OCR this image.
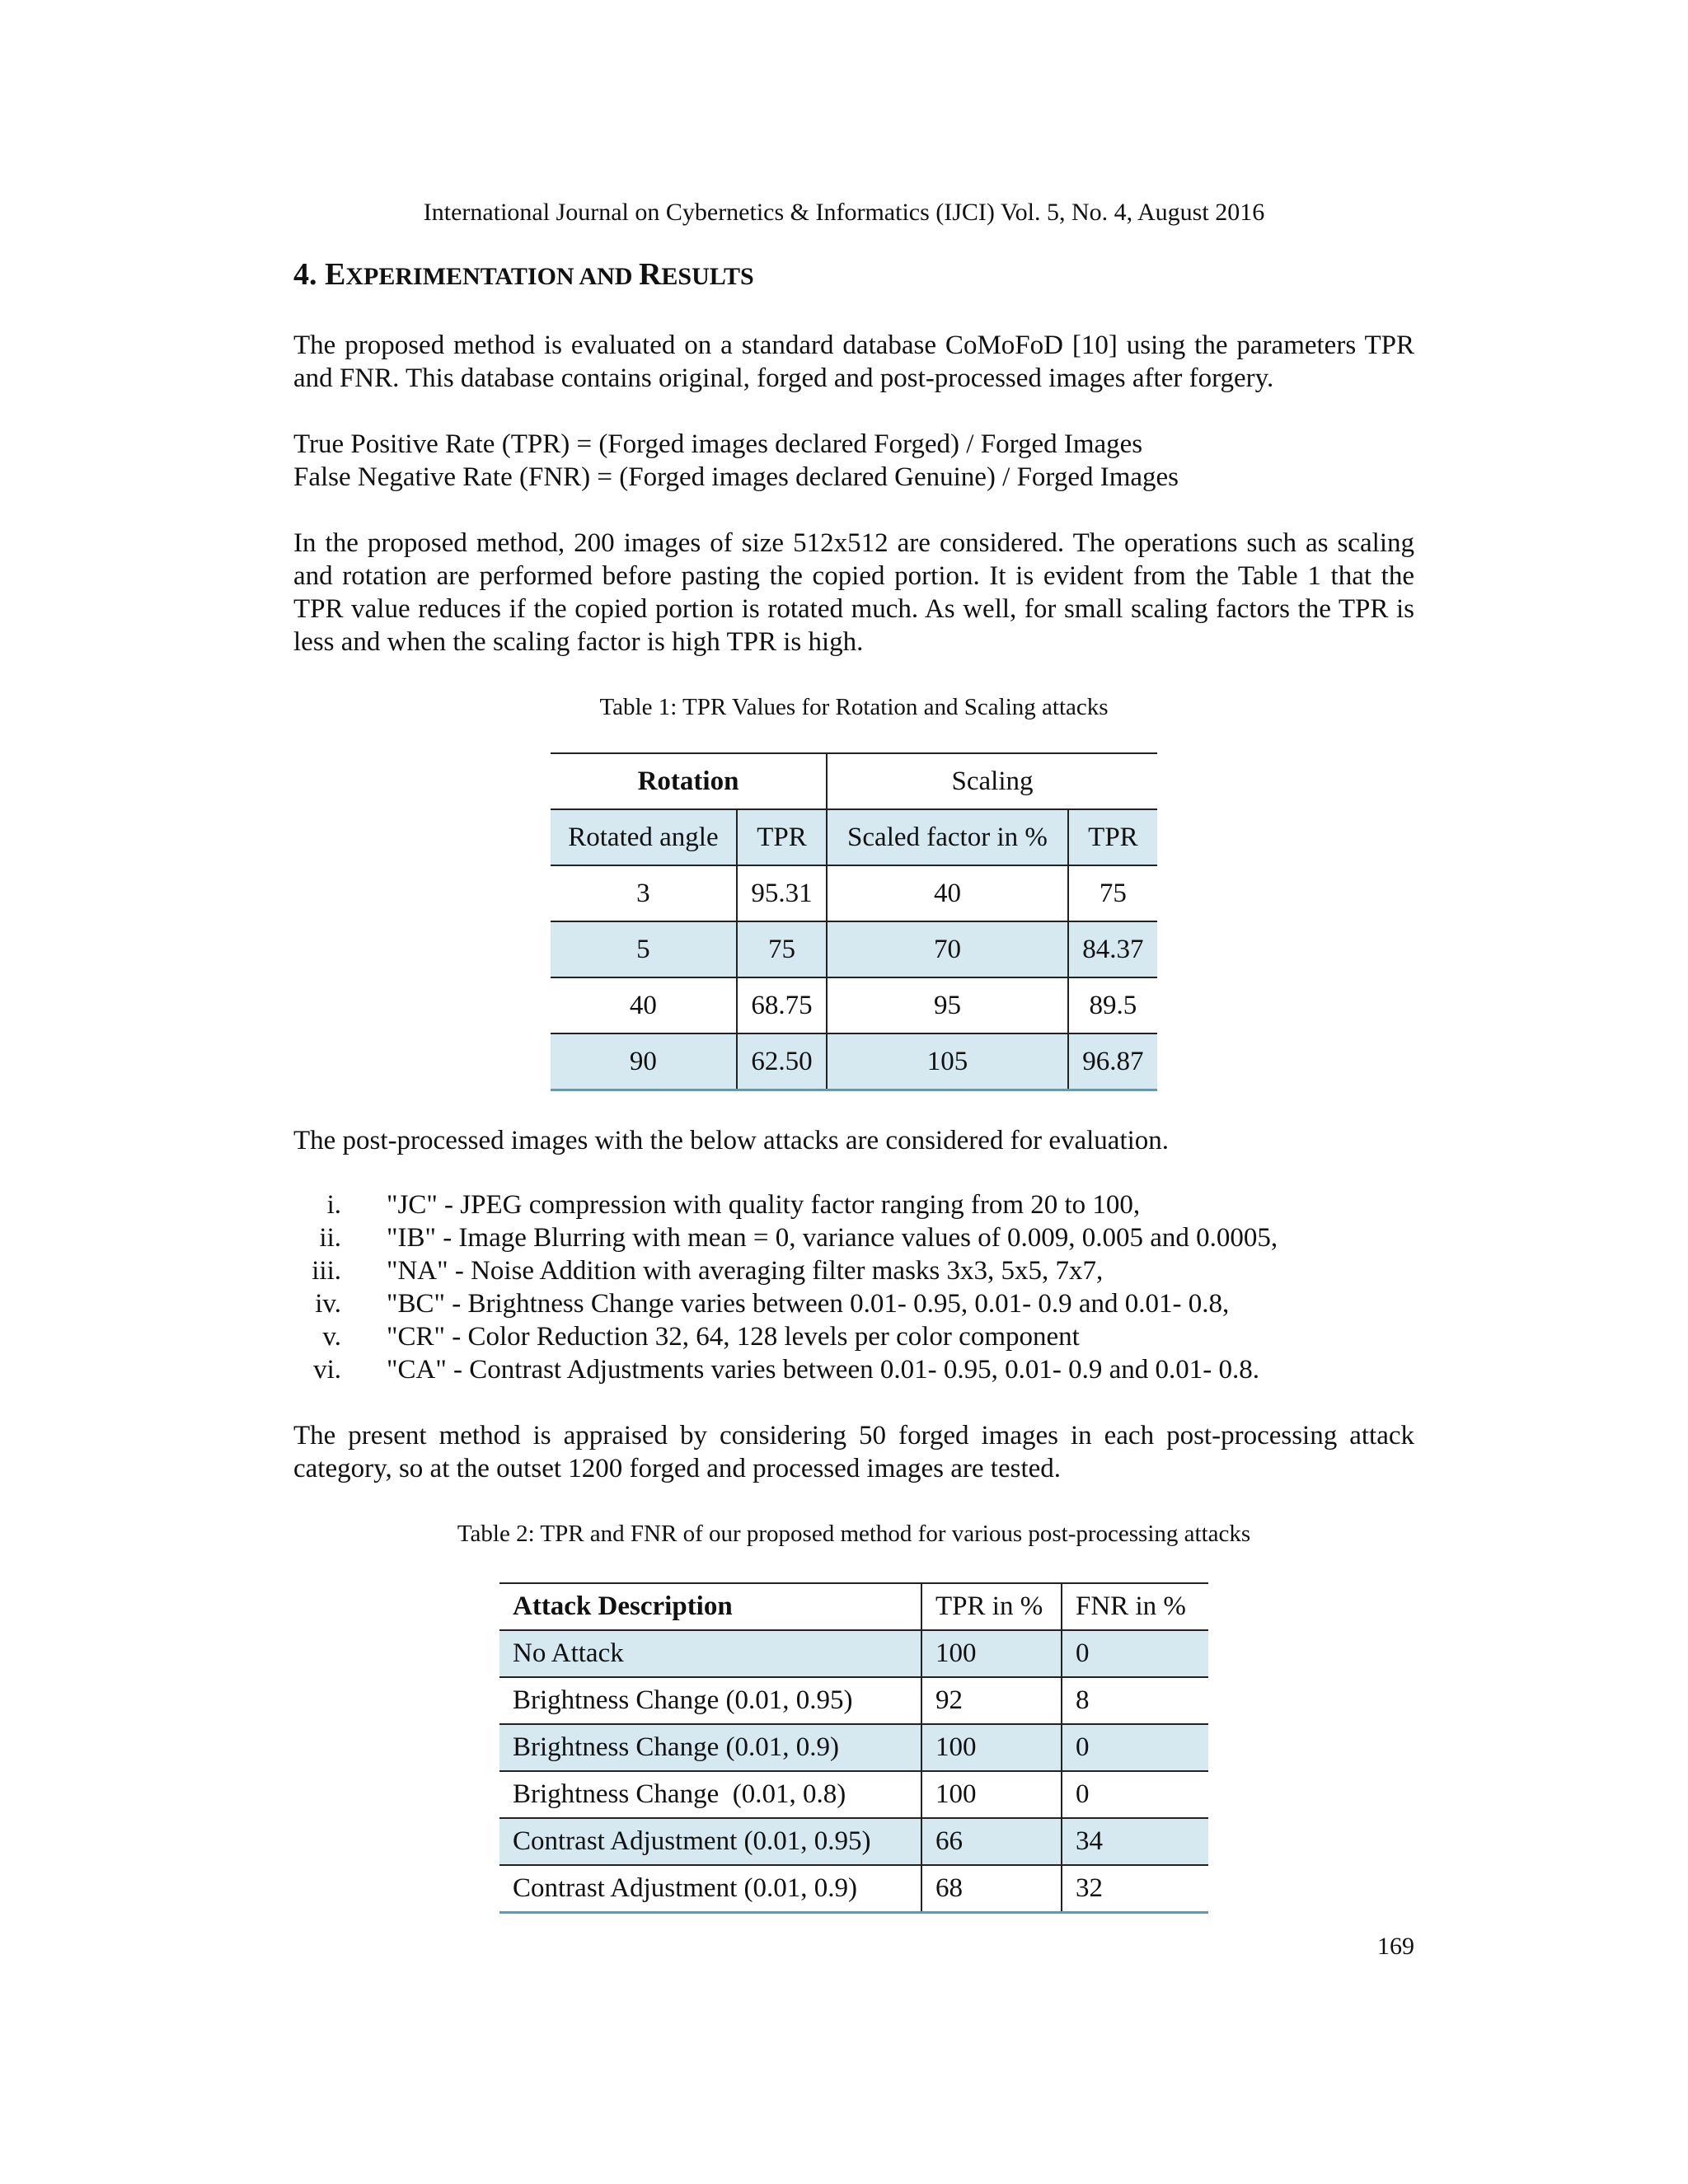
International Journal on Cybernetics & Informatics (IJCI) Vol. 5, No. 4, August 2016
4. EXPERIMENTATION AND RESULTS

The proposed method is evaluated on a standard database CoMoFoD [10] using the parameters TPR and FNR. This database contains original, forged and post-processed images after forgery.

True Positive Rate (TPR) = (Forged images declared Forged) / Forged Images
False Negative Rate (FNR) = (Forged images declared Genuine) / Forged Images

In the proposed method, 200 images of size 512x512 are considered. The operations such as scaling and rotation are performed before pasting the copied portion. It is evident from the Table 1 that the TPR value reduces if the copied portion is rotated much. As well, for small scaling factors the TPR is less and when the scaling factor is high TPR is high.

Table 1: TPR Values for Rotation and Scaling attacks
Rotation		Scaling	
Rotated angle	TPR	Scaled factor in %	TPR
3	95.31	40	75
5	75	70	84.37
40	68.75	95	89.5
90	62.50	105	96.87

The post-processed images with the below attacks are considered for evaluation.

i. "JC" - JPEG compression with quality factor ranging from 20 to 100,
ii. "IB" - Image Blurring with mean = 0, variance values of 0.009, 0.005 and 0.0005,
iii. "NA" - Noise Addition with averaging filter masks 3x3, 5x5, 7x7,
iv. "BC" - Brightness Change varies between 0.01- 0.95, 0.01- 0.9 and 0.01- 0.8,
v. "CR" - Color Reduction 32, 64, 128 levels per color component
vi. "CA" - Contrast Adjustments varies between 0.01- 0.95, 0.01- 0.9 and 0.01- 0.8.

The present method is appraised by considering 50 forged images in each post-processing attack category, so at the outset 1200 forged and processed images are tested.

Table 2: TPR and FNR of our proposed method for various post-processing attacks
Attack Description	TPR in %	FNR in %
No Attack	100	0
Brightness Change (0.01, 0.95)	92	8
Brightness Change (0.01, 0.9)	100	0
Brightness Change  (0.01, 0.8)	100	0
Contrast Adjustment (0.01, 0.95)	66	34
Contrast Adjustment (0.01, 0.9)	68	32
169
